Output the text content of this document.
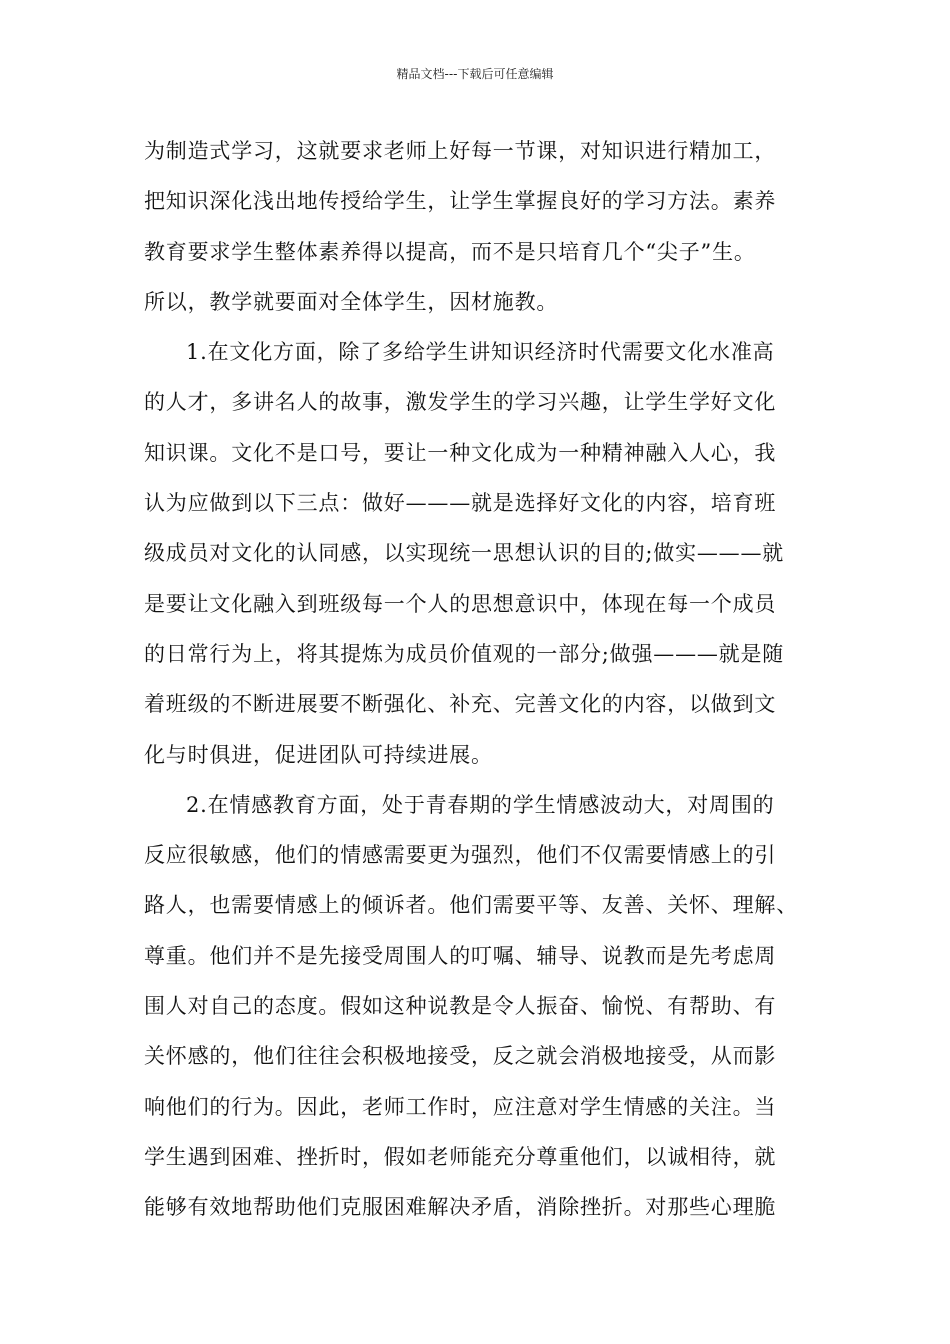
精品文档---下载后可任意编辑
为制造式学习，这就要求老师上好每一节课，对知识进行精加工，
把知识深化浅出地传授给学生，让学生掌握良好的学习方法。素养
教育要求学生整体素养得以提高，而不是只培育几个“尖子”生。
所以，教学就要面对全体学生，因材施教。
1.在文化方面，除了多给学生讲知识经济时代需要文化水准高
的人才，多讲名人的故事，激发学生的学习兴趣，让学生学好文化
知识课。文化不是口号，要让一种文化成为一种精神融入人心，我
认为应做到以下三点：做好———就是选择好文化的内容，培育班
级成员对文化的认同感，以实现统一思想认识的目的;做实———就
是要让文化融入到班级每一个人的思想意识中，体现在每一个成员
的日常行为上，将其提炼为成员价值观的一部分;做强———就是随
着班级的不断进展要不断强化、补充、完善文化的内容，以做到文
化与时俱进，促进团队可持续进展。
2.在情感教育方面，处于青春期的学生情感波动大，对周围的
反应很敏感，他们的情感需要更为强烈，他们不仅需要情感上的引
路人，也需要情感上的倾诉者。他们需要平等、友善、关怀、理解、
尊重。他们并不是先接受周围人的叮嘱、辅导、说教而是先考虑周
围人对自己的态度。假如这种说教是令人振奋、愉悦、有帮助、有
关怀感的，他们往往会积极地接受，反之就会消极地接受，从而影
响他们的行为。因此，老师工作时，应注意对学生情感的关注。当
学生遇到困难、挫折时，假如老师能充分尊重他们，以诚相待，就
能够有效地帮助他们克服困难解决矛盾，消除挫折。对那些心理脆
